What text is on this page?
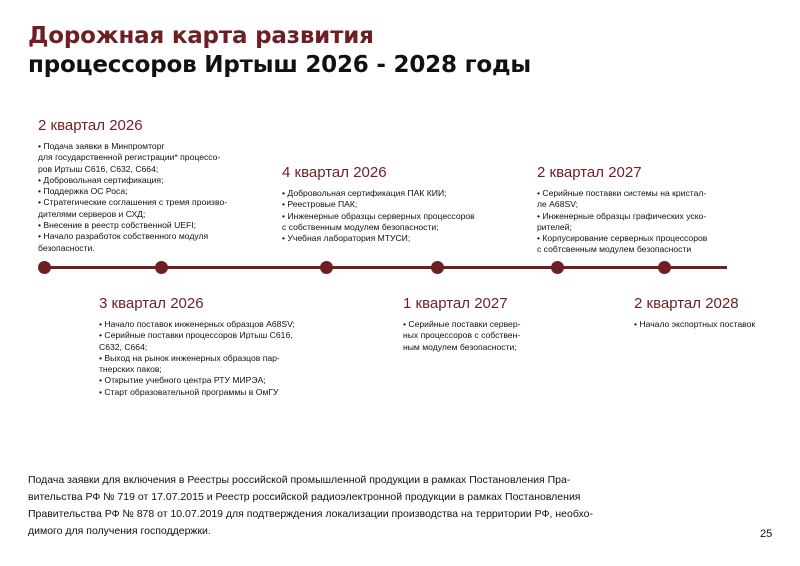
Дорожная карта развития
процессоров Иртыш 2026 - 2028 годы
2 квартал 2026
• Подача заявки в Минпромторг
для государственной регистрации* процессо-
ров Иртыш С616, С632, С664;
• Добровольная сертификация;
• Поддержка ОС Роса;
• Стратегические соглашения с тремя произво-
дителями серверов и СХД;
• Внесение в реестр собственной UEFI;
• Начало разработок собственного модуля
безопасности.
4 квартал 2026
• Добровольная сертификация ПАК КИИ;
• Реестровые ПАК;
• Инженерные образцы серверных процессоров
с собственным модулем безопасности;
• Учебная лаборатория МТУСИ;
2 квартал 2027
• Серийные поставки системы на кристал-
ле А68SV;
• Инженерные образцы графических уско-
рителей;
• Корпусирование серверных процессоров
с собтсвенным модулем безопасности
3 квартал 2026
• Начало поставок инженерных образцов А68SV;
• Серийные поставки процессоров Иртыш С616,
С632, С664;
• Выход на рынок инженерных образцов пар-
тнерских паков;
• Открытие учебного центра РТУ МИРЭА;
• Старт образовательной программы в ОмГУ
1 квартал 2027
• Серийные поставки сервер-
ных процессоров с собствен-
ным модулем безопасности;
2 квартал 2028
• Начало экспортных поставок

Подача заявки для включения в Реестры российской промышленной продукции в рамках Постановления Пра-
вительства РФ № 719 от 17.07.2015 и Реестр российской радиоэлектронной продукции в рамках Постановления
Правительства РФ № 878 от 10.07.2019 для подтверждения локализации производства на территории РФ, необхо-
димого для получения господдержки.	25
